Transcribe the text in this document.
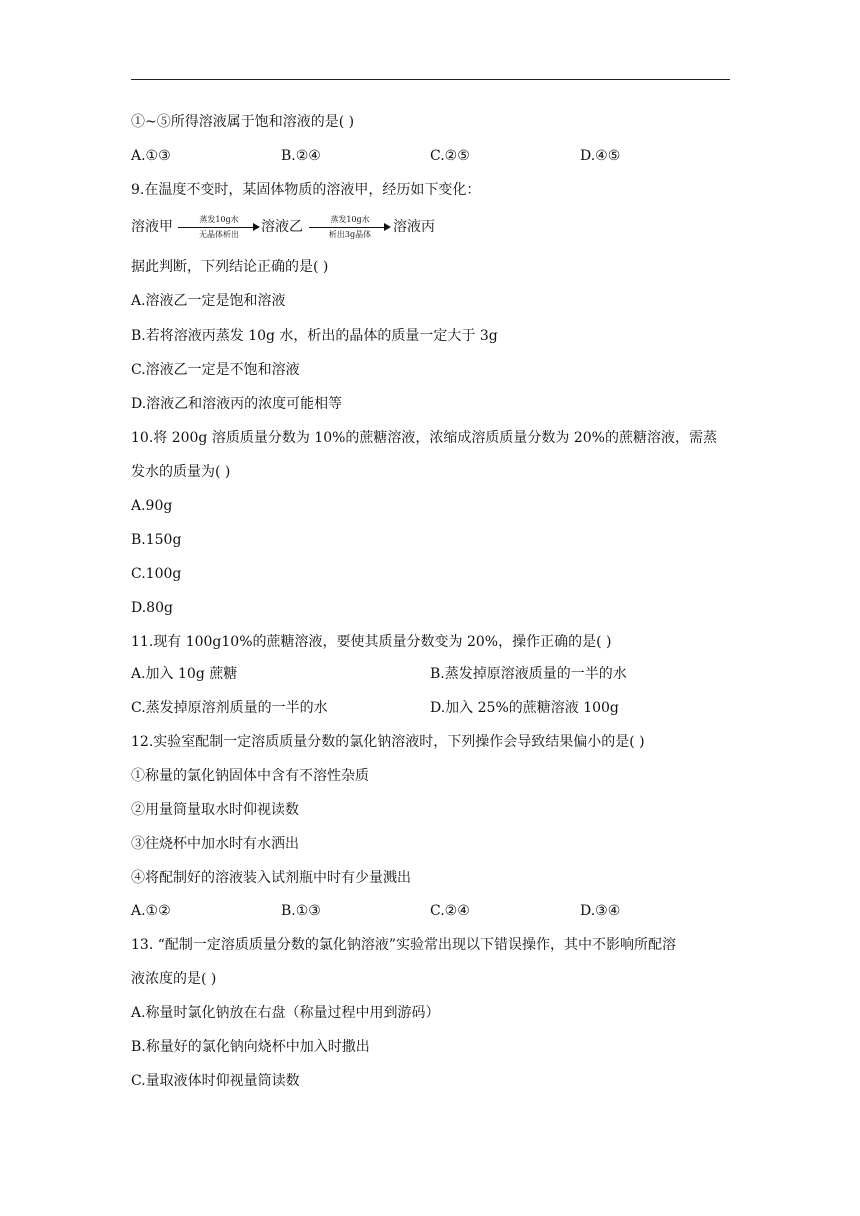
①~⑤所得溶液属于饱和溶液的是( )
A.①③	B.②④	C.②⑤	D.④⑤
9.在温度不变时，某固体物质的溶液甲，经历如下变化：
溶液甲	蒸发10g水
无晶体析出	溶液乙	蒸发10g水
析出3g晶体	溶液丙
据此判断，下列结论正确的是( )
A.溶液乙一定是饱和溶液
B.若将溶液丙蒸发 10g 水，析出的晶体的质量一定大于 3g
C.溶液乙一定是不饱和溶液
D.溶液乙和溶液丙的浓度可能相等
10.将 200g 溶质质量分数为 10%的蔗糖溶液，浓缩成溶质质量分数为 20%的蔗糖溶液，需蒸
发水的质量为( )
A.90g
B.150g
C.100g
D.80g
11.现有 100g10%的蔗糖溶液，要使其质量分数变为 20%，操作正确的是( )
A.加入 10g 蔗糖	B.蒸发掉原溶液质量的一半的水
C.蒸发掉原溶剂质量的一半的水	D.加入 25%的蔗糖溶液 100g
12.实验室配制一定溶质质量分数的氯化钠溶液时，下列操作会导致结果偏小的是( )
①称量的氯化钠固体中含有不溶性杂质
②用量筒量取水时仰视读数
③往烧杯中加水时有水洒出
④将配制好的溶液装入试剂瓶中时有少量溅出
A.①②	B.①③	C.②④	D.③④
13. “配制一定溶质质量分数的氯化钠溶液”实验常出现以下错误操作，其中不影响所配溶
液浓度的是( )
A.称量时氯化钠放在右盘（称量过程中用到游码）
B.称量好的氯化钠向烧杯中加入时撒出
C.量取液体时仰视量筒读数
